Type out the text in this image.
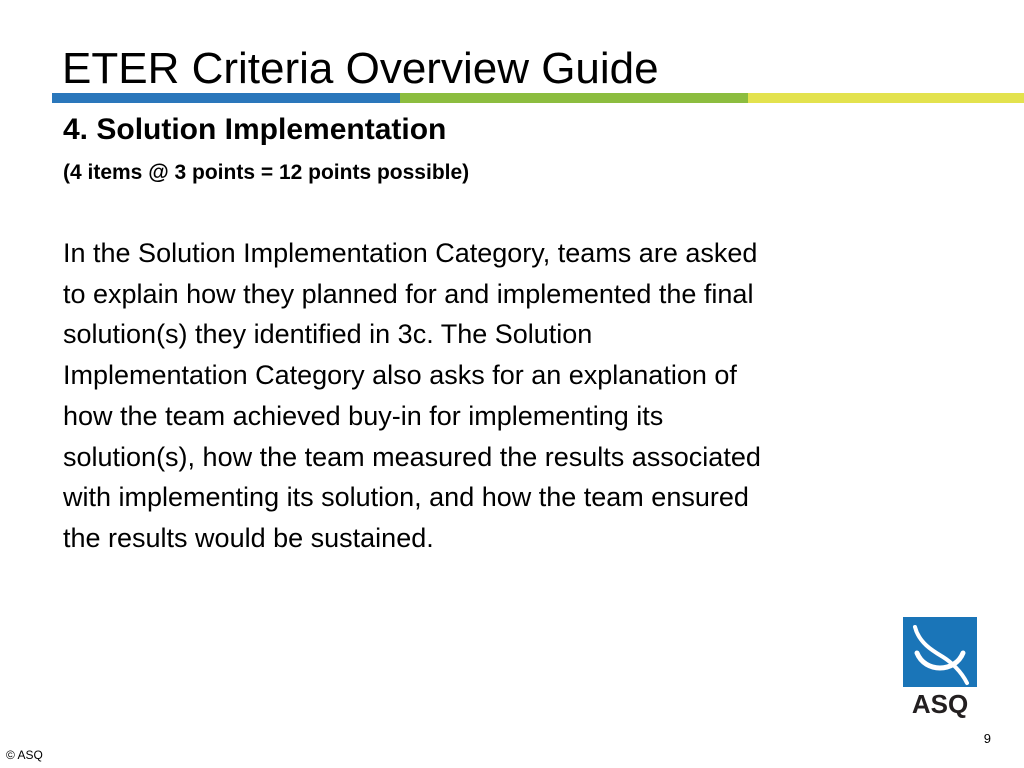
ETER Criteria Overview Guide
4. Solution Implementation

(4 items @ 3 points = 12 points possible)

In the Solution Implementation Category, teams are asked
to explain how they planned for and implemented the final
solution(s) they identified in 3c. The Solution
Implementation Category also asks for an explanation of
how the team achieved buy-in for implementing its
solution(s), how the team measured the results associated
with implementing its solution, and how the team ensured
the results would be sustained.

ASQ
9
© ASQ
